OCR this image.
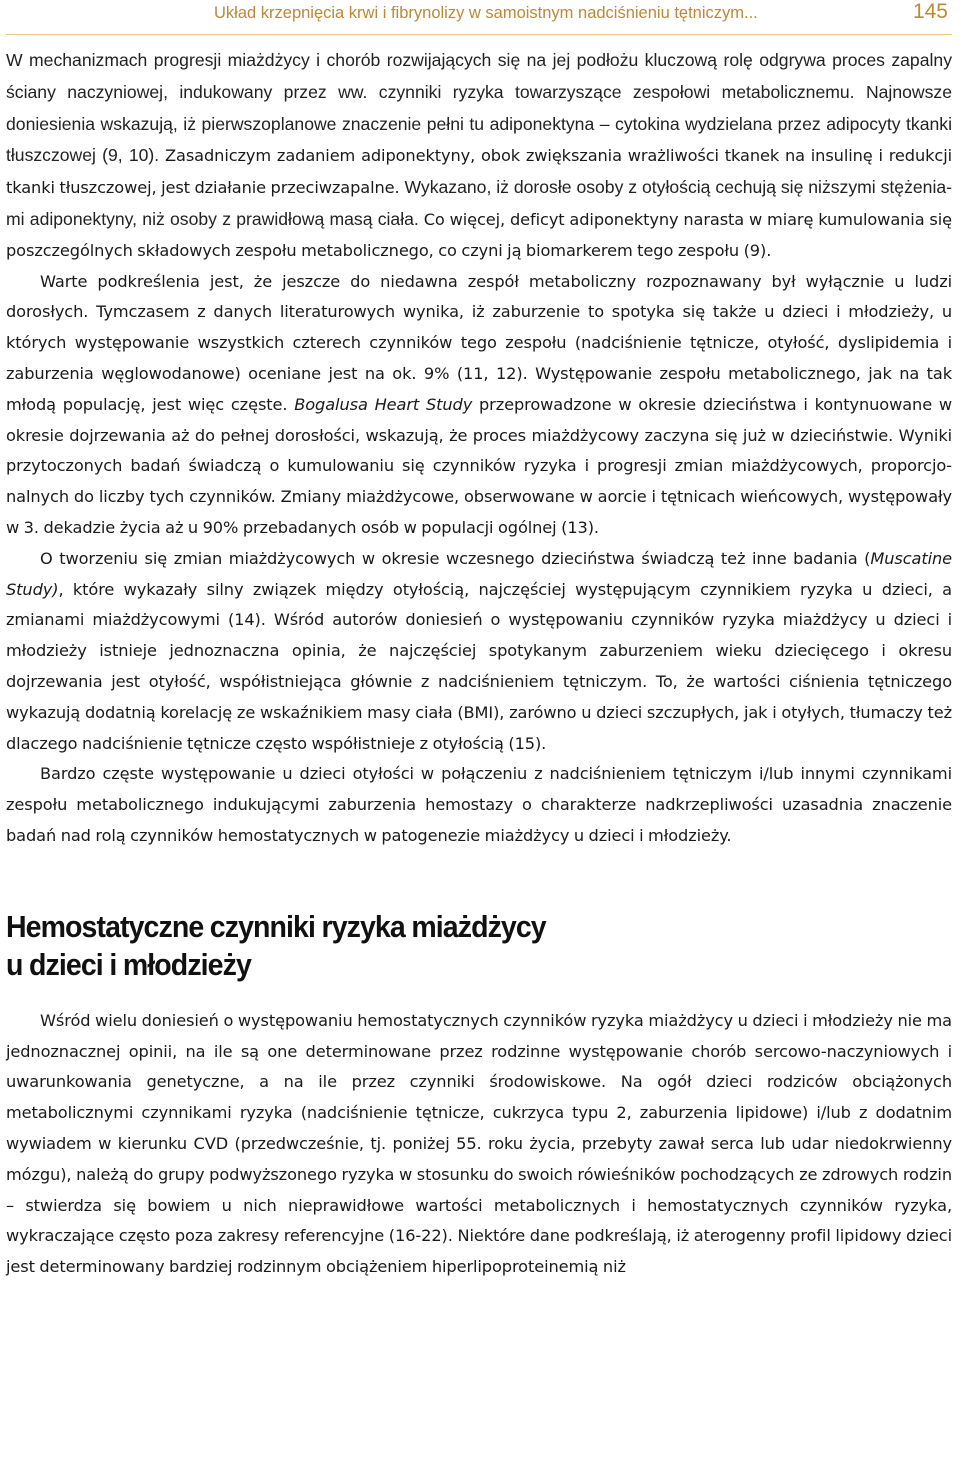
Układ krzepnięcia krwi i fibrynolizy w samoistnym nadciśnieniu tętniczym...	145

W mechanizmach progresji miażdżycy i chorób rozwijających się na jej podłożu kluczową rolę odgrywa proces zapalny ściany naczyniowej, indukowany przez ww. czynniki ryzyka towarzyszące zespołowi metabolicznemu. Najnowsze doniesienia wskazują, iż pierwszoplanowe znaczenie pełni tu adiponektyna – cytokina wydzielana przez adipocyty tkanki tłuszczowej (9, 10). Zasadniczym zadaniem adiponektyny, obok zwiększania wrażliwości tkanek na insulinę i redukcji tkanki tłuszczowej, jest działanie przeciwzapalne. Wykazano, iż dorosłe osoby z otyłością cechują się niższymi stężeniami adiponektyny, niż osoby z prawidłową masą ciała. Co więcej, deficyt adiponektyny narasta w miarę kumulowania się poszczególnych składowych zespołu metabolicznego, co czyni ją biomarkerem tego zespołu (9).

Warte podkreślenia jest, że jeszcze do niedawna zespół metaboliczny rozpoznawany był wyłącznie u ludzi dorosłych. Tymczasem z danych literaturowych wynika, iż zaburzenie to spotyka się także u dzieci i młodzieży, u których występowanie wszystkich czterech czynników tego zespołu (nadciśnienie tętnicze, otyłość, dyslipidemia i zaburzenia węglowodanowe) oceniane jest na ok. 9% (11, 12). Występowanie zespołu metabolicznego, jak na tak młodą populację, jest więc częste. Bogalusa Heart Study przeprowadzone w okresie dzieciństwa i kontynuowane w okresie dojrzewania aż do pełnej dorosłości, wskazują, że proces miażdżycowy zaczyna się już w dzieciństwie. Wyniki przytoczonych badań świadczą o kumulowaniu się czynników ryzyka i progresji zmian miażdżycowych, proporcjonalnych do liczby tych czynników. Zmiany miażdżycowe, obserwowane w aorcie i tętnicach wieńcowych, występowały w 3. dekadzie życia aż u 90% przebadanych osób w populacji ogólnej (13).

O tworzeniu się zmian miażdżycowych w okresie wczesnego dzieciństwa świadczą też inne badania (Muscatine Study), które wykazały silny związek między otyłością, najczęściej występującym czynnikiem ryzyka u dzieci, a zmianami miażdżycowymi (14). Wśród autorów doniesień o występowaniu czynników ryzyka miażdżycy u dzieci i młodzieży istnieje jednoznaczna opinia, że najczęściej spotykanym zaburzeniem wieku dziecięcego i okresu dojrzewania jest otyłość, współistniejąca głównie z nadciśnieniem tętniczym. To, że wartości ciśnienia tętniczego wykazują dodatnią korelację ze wskaźnikiem masy ciała (BMI), zarówno u dzieci szczupłych, jak i otyłych, tłumaczy też dlaczego nadciśnienie tętnicze często współistnieje z otyłością (15).

Bardzo częste występowanie u dzieci otyłości w połączeniu z nadciśnieniem tętniczym i/lub innymi czynnikami zespołu metabolicznego indukującymi zaburzenia hemostazy o charakterze nadkrzepliwości uzasadnia znaczenie badań nad rolą czynników hemostatycznych w patogenezie miażdżycy u dzieci i młodzieży.

Hemostatyczne czynniki ryzyka miażdżycy
u dzieci i młodzieży

Wśród wielu doniesień o występowaniu hemostatycznych czynników ryzyka miażdżycy u dzieci i młodzieży nie ma jednoznacznej opinii, na ile są one determinowane przez rodzinne występowanie chorób sercowo-naczyniowych i uwarunkowania genetyczne, a na ile przez czynniki środowiskowe. Na ogół dzieci rodziców obciążonych metabolicznymi czynnikami ryzyka (nadciśnienie tętnicze, cukrzyca typu 2, zaburzenia lipidowe) i/lub z dodatnim wywiadem w kierunku CVD (przedwcześnie, tj. poniżej 55. roku życia, przebyty zawał serca lub udar niedokrwienny mózgu), należą do grupy podwyższonego ryzyka w stosunku do swoich rówieśników pochodzących ze zdrowych rodzin – stwierdza się bowiem u nich nieprawidłowe wartości metabolicznych i hemostatycznych czynników ryzyka, wykraczające często poza zakresy referencyjne (16-22). Niektóre dane podkreślają, iż aterogenny profil lipidowy dzieci jest determinowany bardziej rodzinnym obciążeniem hiperlipoproteinemią niż
